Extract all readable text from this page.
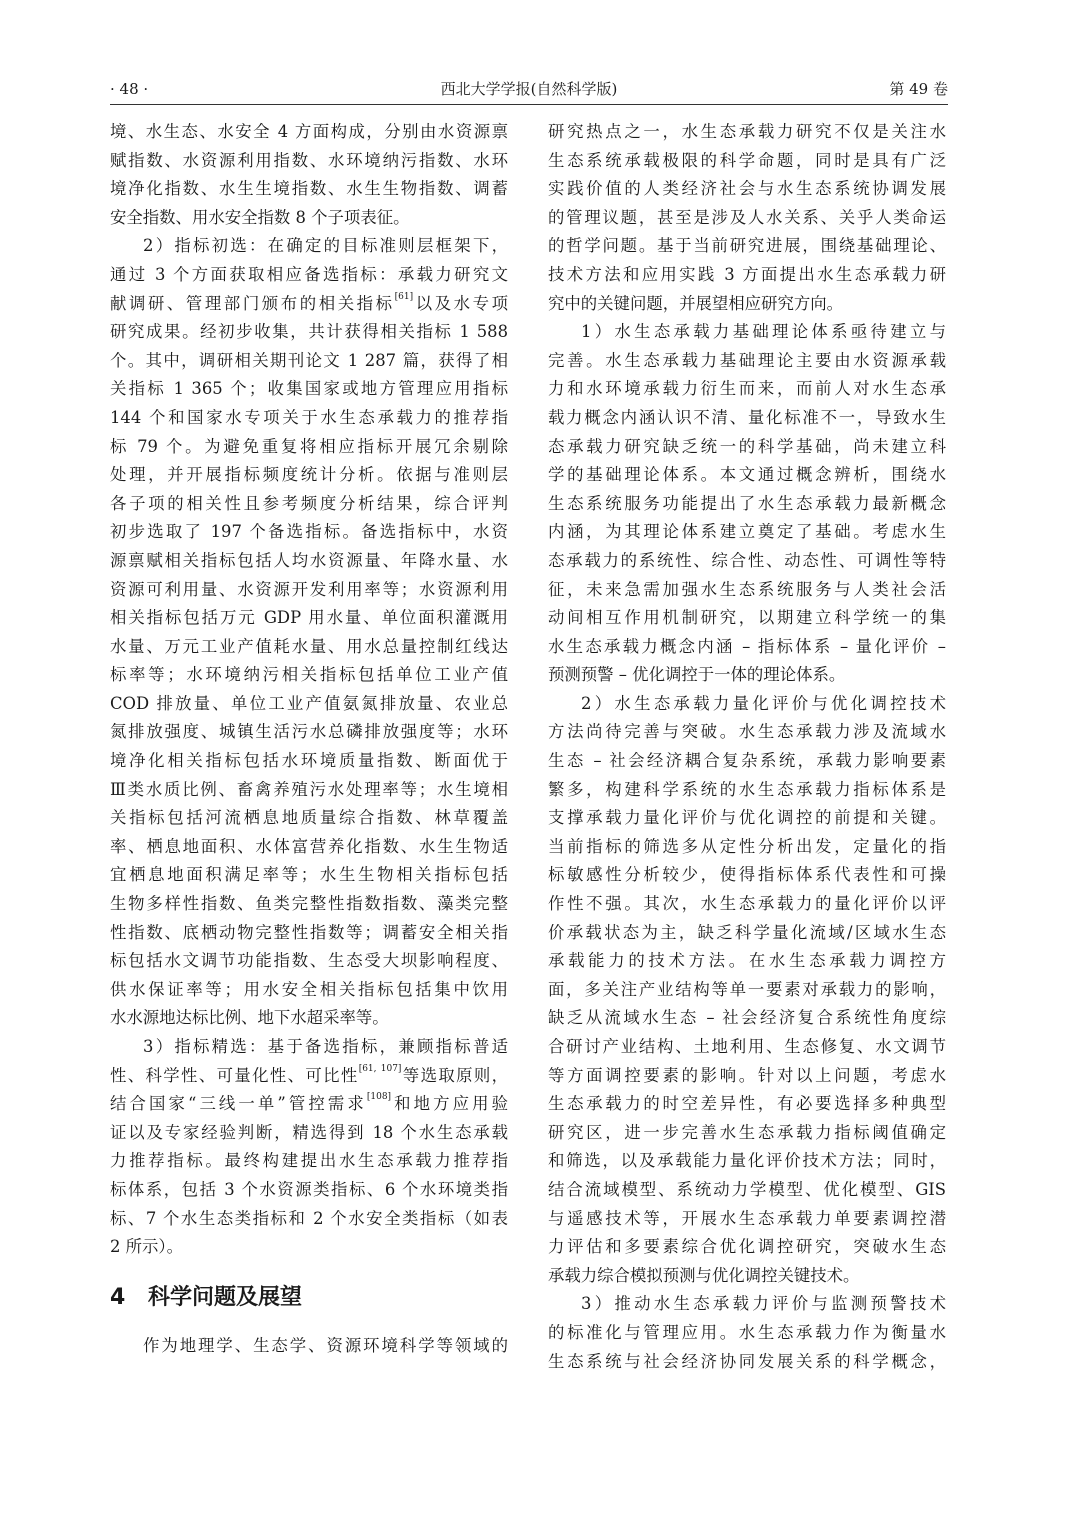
· 48 ·	西北大学学报(自然科学版)	第 49 卷
境、水生态、水安全 4 方面构成，分别由水资源禀
赋指数、水资源利用指数、水环境纳污指数、水环
境净化指数、水生生境指数、水生生物指数、调蓄
安全指数、用水安全指数 8 个子项表征。
2）指标初选：在确定的目标准则层框架下，
通过 3 个方面获取相应备选指标：承载力研究文
献调研、管理部门颁布的相关指标[61]以及水专项
研究成果。经初步收集，共计获得相关指标 1 588
个。其中，调研相关期刊论文 1 287 篇，获得了相
关指标 1 365 个；收集国家或地方管理应用指标
144 个和国家水专项关于水生态承载力的推荐指
标 79 个。为避免重复将相应指标开展冗余剔除
处理，并开展指标频度统计分析。依据与准则层
各子项的相关性且参考频度分析结果，综合评判
初步选取了 197 个备选指标。备选指标中，水资
源禀赋相关指标包括人均水资源量、年降水量、水
资源可利用量、水资源开发利用率等；水资源利用
相关指标包括万元 GDP 用水量、单位面积灌溉用
水量、万元工业产值耗水量、用水总量控制红线达
标率等；水环境纳污相关指标包括单位工业产值
COD 排放量、单位工业产值氨氮排放量、农业总
氮排放强度、城镇生活污水总磷排放强度等；水环
境净化相关指标包括水环境质量指数、断面优于
Ⅲ类水质比例、畜禽养殖污水处理率等；水生境相
关指标包括河流栖息地质量综合指数、林草覆盖
率、栖息地面积、水体富营养化指数、水生生物适
宜栖息地面积满足率等；水生生物相关指标包括
生物多样性指数、鱼类完整性指数指数、藻类完整
性指数、底栖动物完整性指数等；调蓄安全相关指
标包括水文调节功能指数、生态受大坝影响程度、
供水保证率等；用水安全相关指标包括集中饮用
水水源地达标比例、地下水超采率等。
3）指标精选：基于备选指标，兼顾指标普适
性、科学性、可量化性、可比性[61, 107]等选取原则，
结合国家“三线一单”管控需求[108]和地方应用验
证以及专家经验判断，精选得到 18 个水生态承载
力推荐指标。最终构建提出水生态承载力推荐指
标体系，包括 3 个水资源类指标、6 个水环境类指
标、7 个水生态类指标和 2 个水安全类指标（如表
2 所示）。
4 科学问题及展望
作为地理学、生态学、资源环境科学等领域的
研究热点之一，水生态承载力研究不仅是关注水
生态系统承载极限的科学命题，同时是具有广泛
实践价值的人类经济社会与水生态系统协调发展
的管理议题，甚至是涉及人水关系、关乎人类命运
的哲学问题。基于当前研究进展，围绕基础理论、
技术方法和应用实践 3 方面提出水生态承载力研
究中的关键问题，并展望相应研究方向。
1）水生态承载力基础理论体系亟待建立与
完善。水生态承载力基础理论主要由水资源承载
力和水环境承载力衍生而来，而前人对水生态承
载力概念内涵认识不清、量化标准不一，导致水生
态承载力研究缺乏统一的科学基础，尚未建立科
学的基础理论体系。本文通过概念辨析，围绕水
生态系统服务功能提出了水生态承载力最新概念
内涵，为其理论体系建立奠定了基础。考虑水生
态承载力的系统性、综合性、动态性、可调性等特
征，未来急需加强水生态系统服务与人类社会活
动间相互作用机制研究，以期建立科学统一的集
水生态承载力概念内涵 – 指标体系 – 量化评价 –
预测预警 – 优化调控于一体的理论体系。
2）水生态承载力量化评价与优化调控技术
方法尚待完善与突破。水生态承载力涉及流域水
生态 – 社会经济耦合复杂系统，承载力影响要素
繁多，构建科学系统的水生态承载力指标体系是
支撑承载力量化评价与优化调控的前提和关键。
当前指标的筛选多从定性分析出发，定量化的指
标敏感性分析较少，使得指标体系代表性和可操
作性不强。其次，水生态承载力的量化评价以评
价承载状态为主，缺乏科学量化流域/区域水生态
承载能力的技术方法。在水生态承载力调控方
面，多关注产业结构等单一要素对承载力的影响，
缺乏从流域水生态 – 社会经济复合系统性角度综
合研讨产业结构、土地利用、生态修复、水文调节
等方面调控要素的影响。针对以上问题，考虑水
生态承载力的时空差异性，有必要选择多种典型
研究区，进一步完善水生态承载力指标阈值确定
和筛选，以及承载能力量化评价技术方法；同时，
结合流域模型、系统动力学模型、优化模型、GIS
与遥感技术等，开展水生态承载力单要素调控潜
力评估和多要素综合优化调控研究，突破水生态
承载力综合模拟预测与优化调控关键技术。
3）推动水生态承载力评价与监测预警技术
的标准化与管理应用。水生态承载力作为衡量水
生态系统与社会经济协同发展关系的科学概念，
